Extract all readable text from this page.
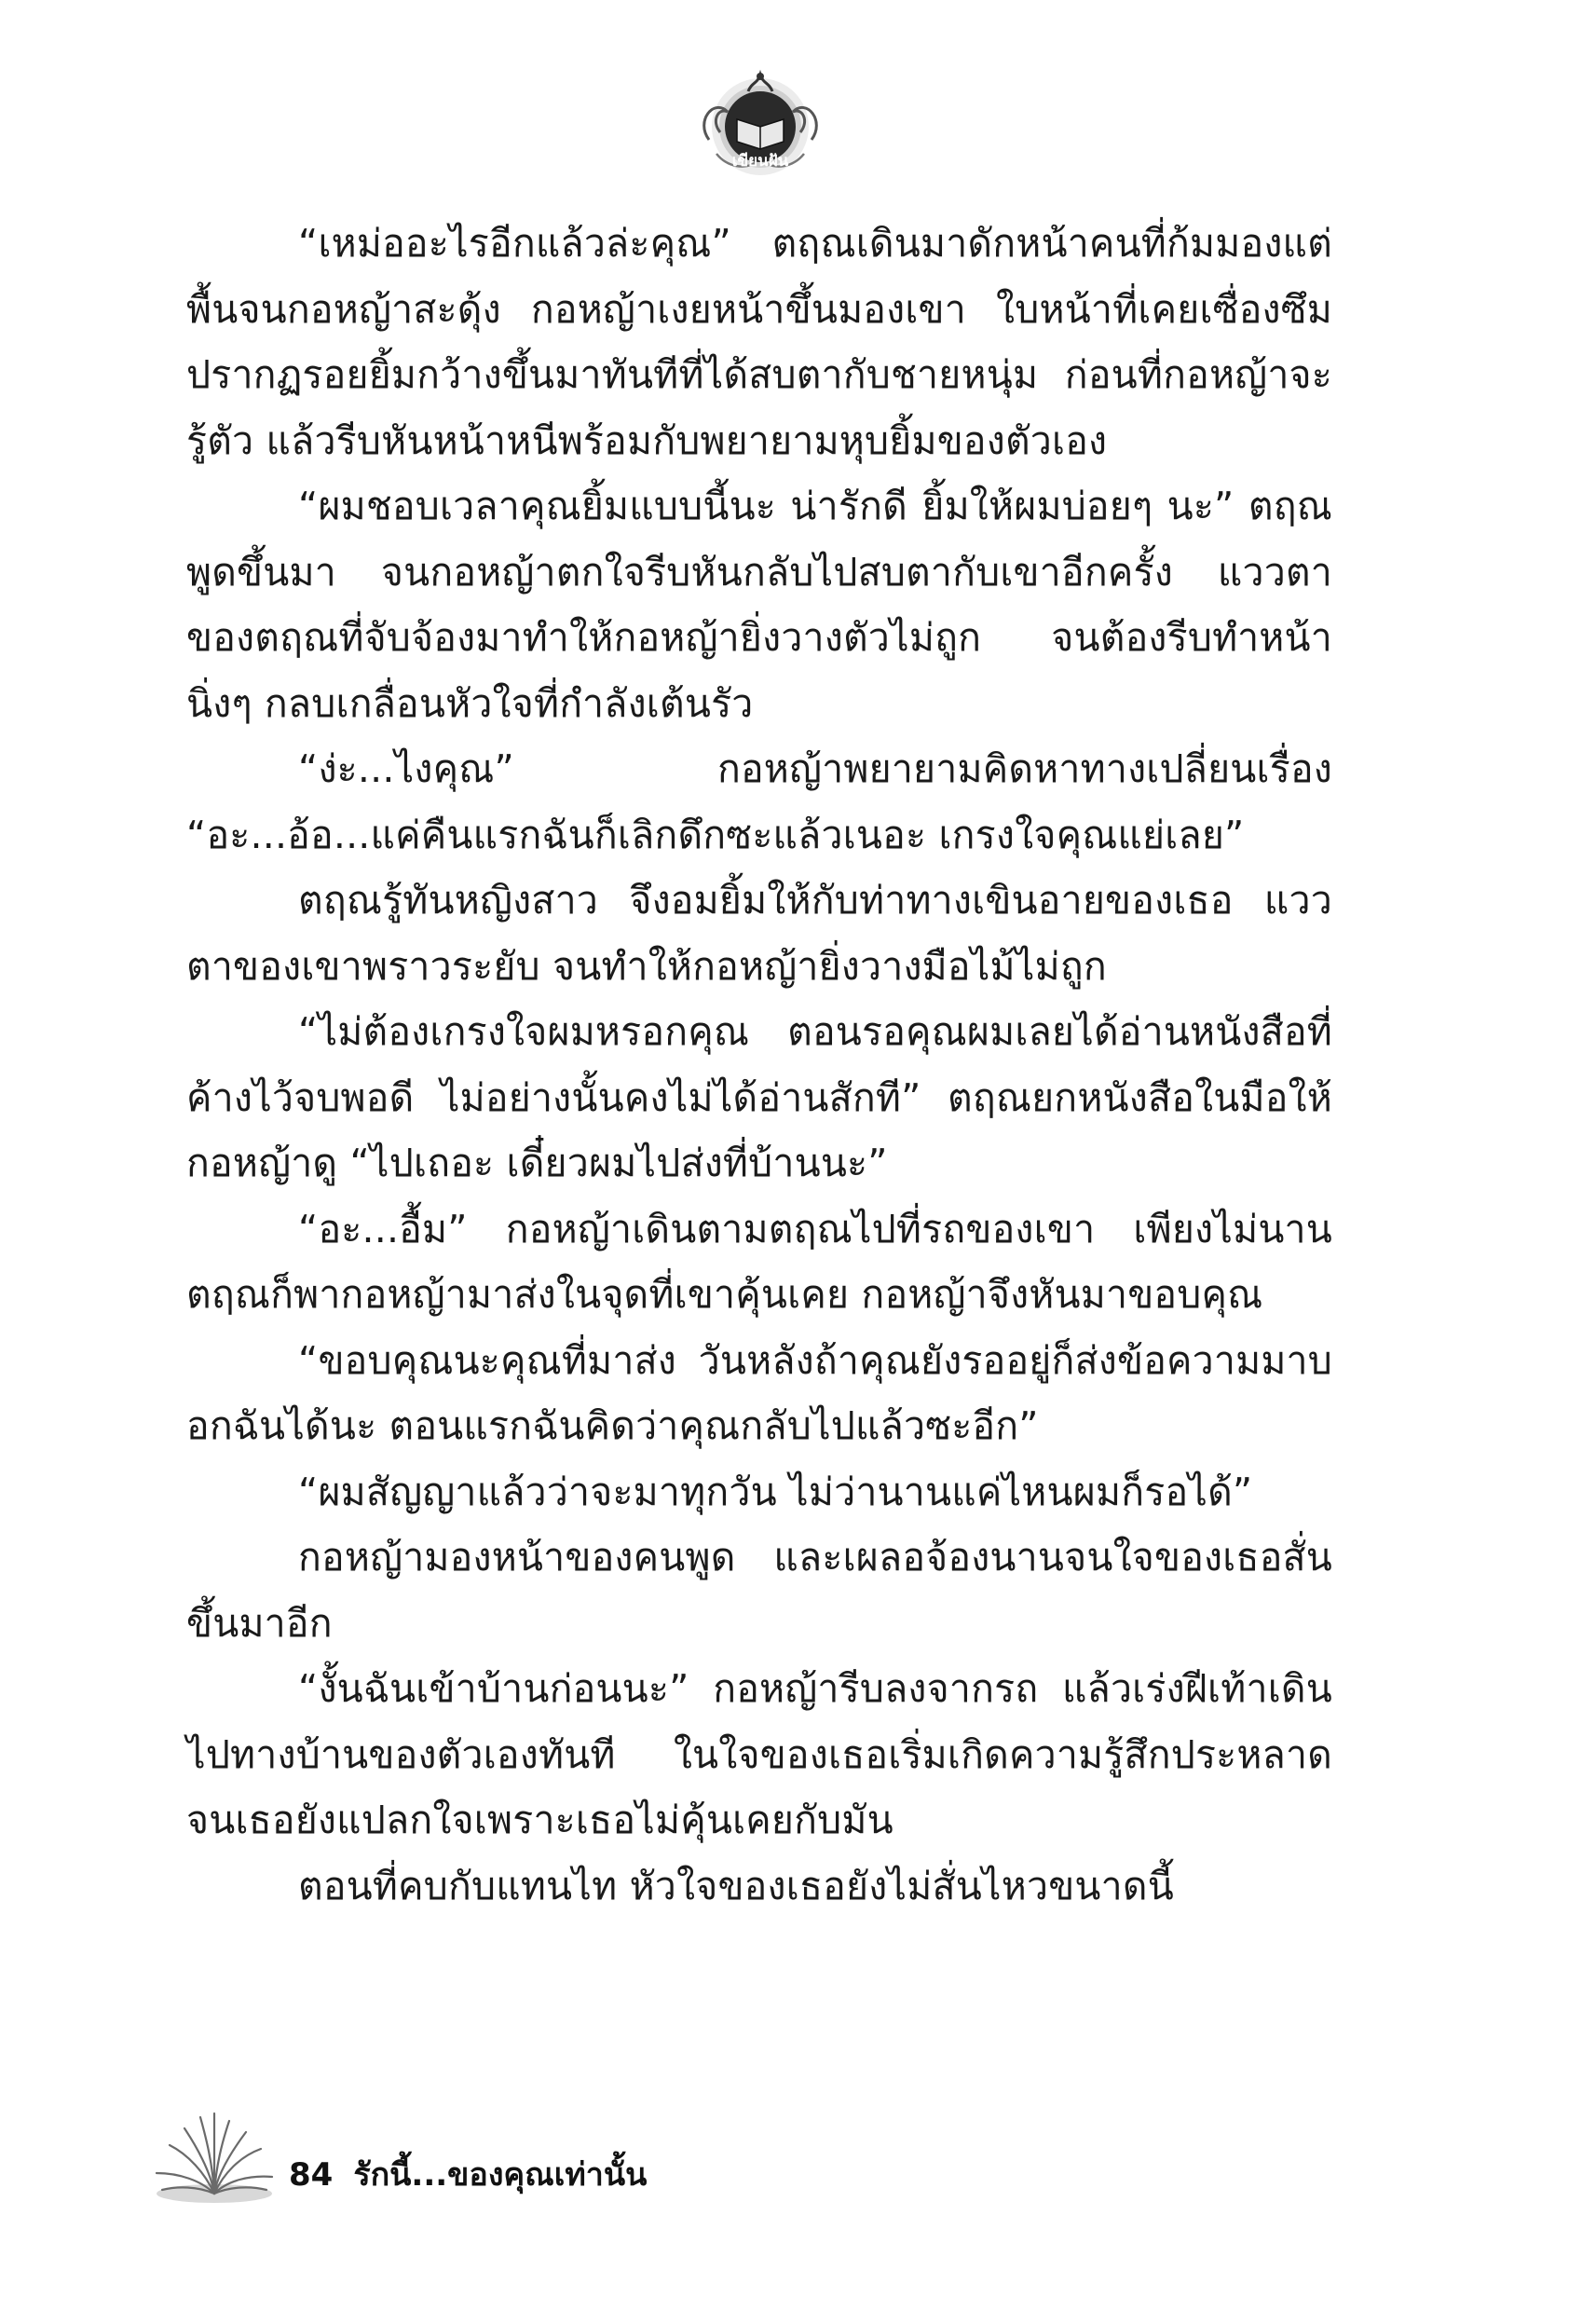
เขียนฝัน

“เหม่ออะไรอีกแล้วล่ะคุณ” ตฤณเดินมาดักหน้าคนที่ก้มมองแต่พื้นจนกอหญ้าสะดุ้ง กอหญ้าเงยหน้าขึ้นมองเขา ใบหน้าที่เคยเซื่องซึมปรากฏรอยยิ้มกว้างขึ้นมาทันทีที่ได้สบตากับชายหนุ่ม ก่อนที่กอหญ้าจะรู้ตัว แล้วรีบหันหน้าหนีพร้อมกับพยายามหุบยิ้มของตัวเอง

“ผมชอบเวลาคุณยิ้มแบบนี้นะ น่ารักดี ยิ้มให้ผมบ่อยๆ นะ” ตฤณพูดขึ้นมา จนกอหญ้าตกใจรีบหันกลับไปสบตากับเขาอีกครั้ง แววตาของตฤณที่จับจ้องมาทำให้กอหญ้ายิ่งวางตัวไม่ถูก จนต้องรีบทำหน้านิ่งๆ กลบเกลื่อนหัวใจที่กำลังเต้นรัว

“ง่ะ...ไงคุณ” กอหญ้าพยายามคิดหาทางเปลี่ยนเรื่อง “อะ...อ้อ...แค่คืนแรกฉันก็เลิกดึกซะแล้วเนอะ เกรงใจคุณแย่เลย”

ตฤณรู้ทันหญิงสาว จึงอมยิ้มให้กับท่าทางเขินอายของเธอ แววตาของเขาพราวระยับ จนทำให้กอหญ้ายิ่งวางมือไม้ไม่ถูก

“ไม่ต้องเกรงใจผมหรอกคุณ ตอนรอคุณผมเลยได้อ่านหนังสือที่ค้างไว้จบพอดี ไม่อย่างนั้นคงไม่ได้อ่านสักที” ตฤณยกหนังสือในมือให้กอหญ้าดู “ไปเถอะ เดี๋ยวผมไปส่งที่บ้านนะ”

“อะ...อื้ม” กอหญ้าเดินตามตฤณไปที่รถของเขา เพียงไม่นานตฤณก็พากอหญ้ามาส่งในจุดที่เขาคุ้นเคย กอหญ้าจึงหันมาขอบคุณ

“ขอบคุณนะคุณที่มาส่ง วันหลังถ้าคุณยังรออยู่ก็ส่งข้อความมาบอกฉันได้นะ ตอนแรกฉันคิดว่าคุณกลับไปแล้วซะอีก”

“ผมสัญญาแล้วว่าจะมาทุกวัน ไม่ว่านานแค่ไหนผมก็รอได้”

กอหญ้ามองหน้าของคนพูด และเผลอจ้องนานจนใจของเธอสั่นขึ้นมาอีก

“งั้นฉันเข้าบ้านก่อนนะ” กอหญ้ารีบลงจากรถ แล้วเร่งฝีเท้าเดินไปทางบ้านของตัวเองทันที ในใจของเธอเริ่มเกิดความรู้สึกประหลาดจนเธอยังแปลกใจเพราะเธอไม่คุ้นเคยกับมัน

ตอนที่คบกับแทนไท หัวใจของเธอยังไม่สั่นไหวขนาดนี้

84 รักนี้...ของคุณเท่านั้น
